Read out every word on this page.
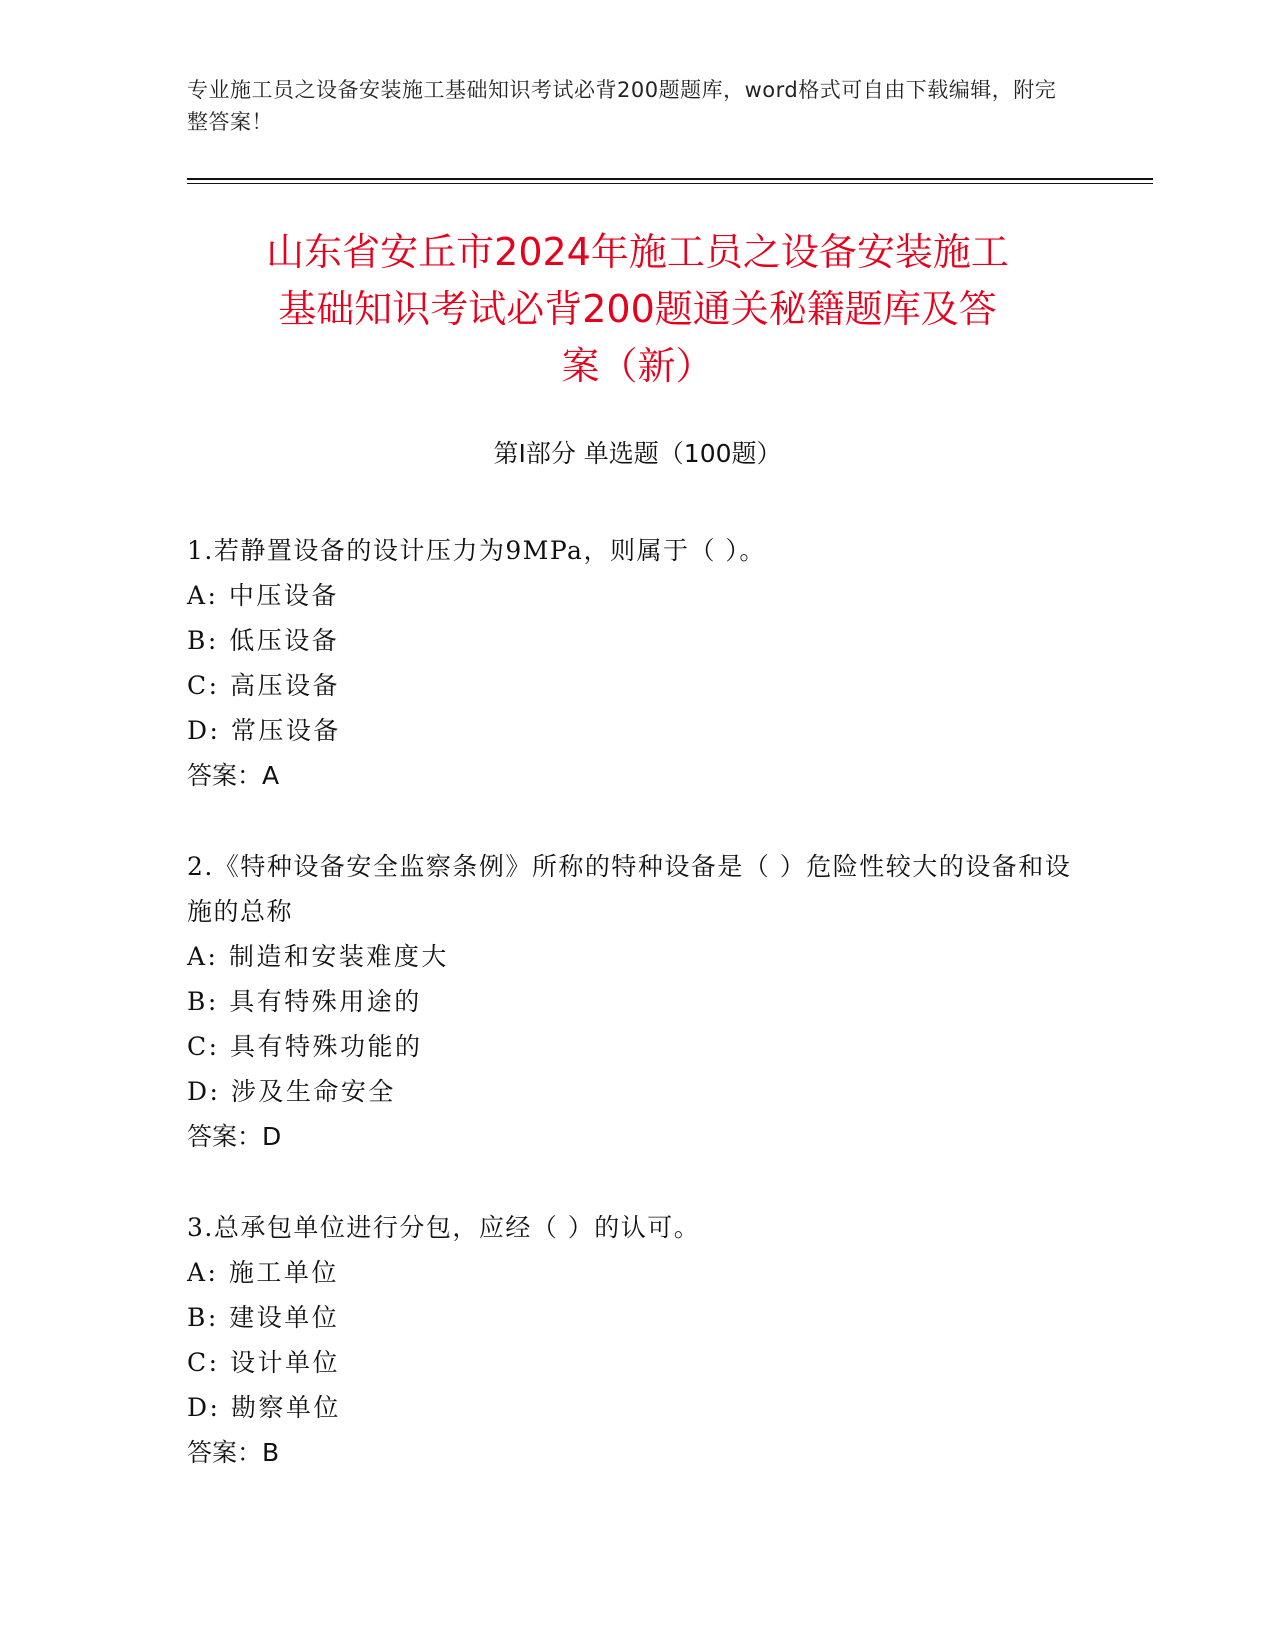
专业施工员之设备安装施工基础知识考试必背200题题库，word格式可自由下载编辑，附完整答案！
山东省安丘市2024年施工员之设备安装施工
基础知识考试必背200题通关秘籍题库及答
案（新）
第I部分 单选题（100题）
1.若静置设备的设计压力为9MPa，则属于（ ）。
A: 中压设备
B: 低压设备
C: 高压设备
D: 常压设备
答案：A
2.《特种设备安全监察条例》所称的特种设备是（ ）危险性较大的设备和设施的总称
A: 制造和安装难度大
B: 具有特殊用途的
C: 具有特殊功能的
D: 涉及生命安全
答案：D
3.总承包单位进行分包，应经（ ）的认可。
A: 施工单位
B: 建设单位
C: 设计单位
D: 勘察单位
答案：B
